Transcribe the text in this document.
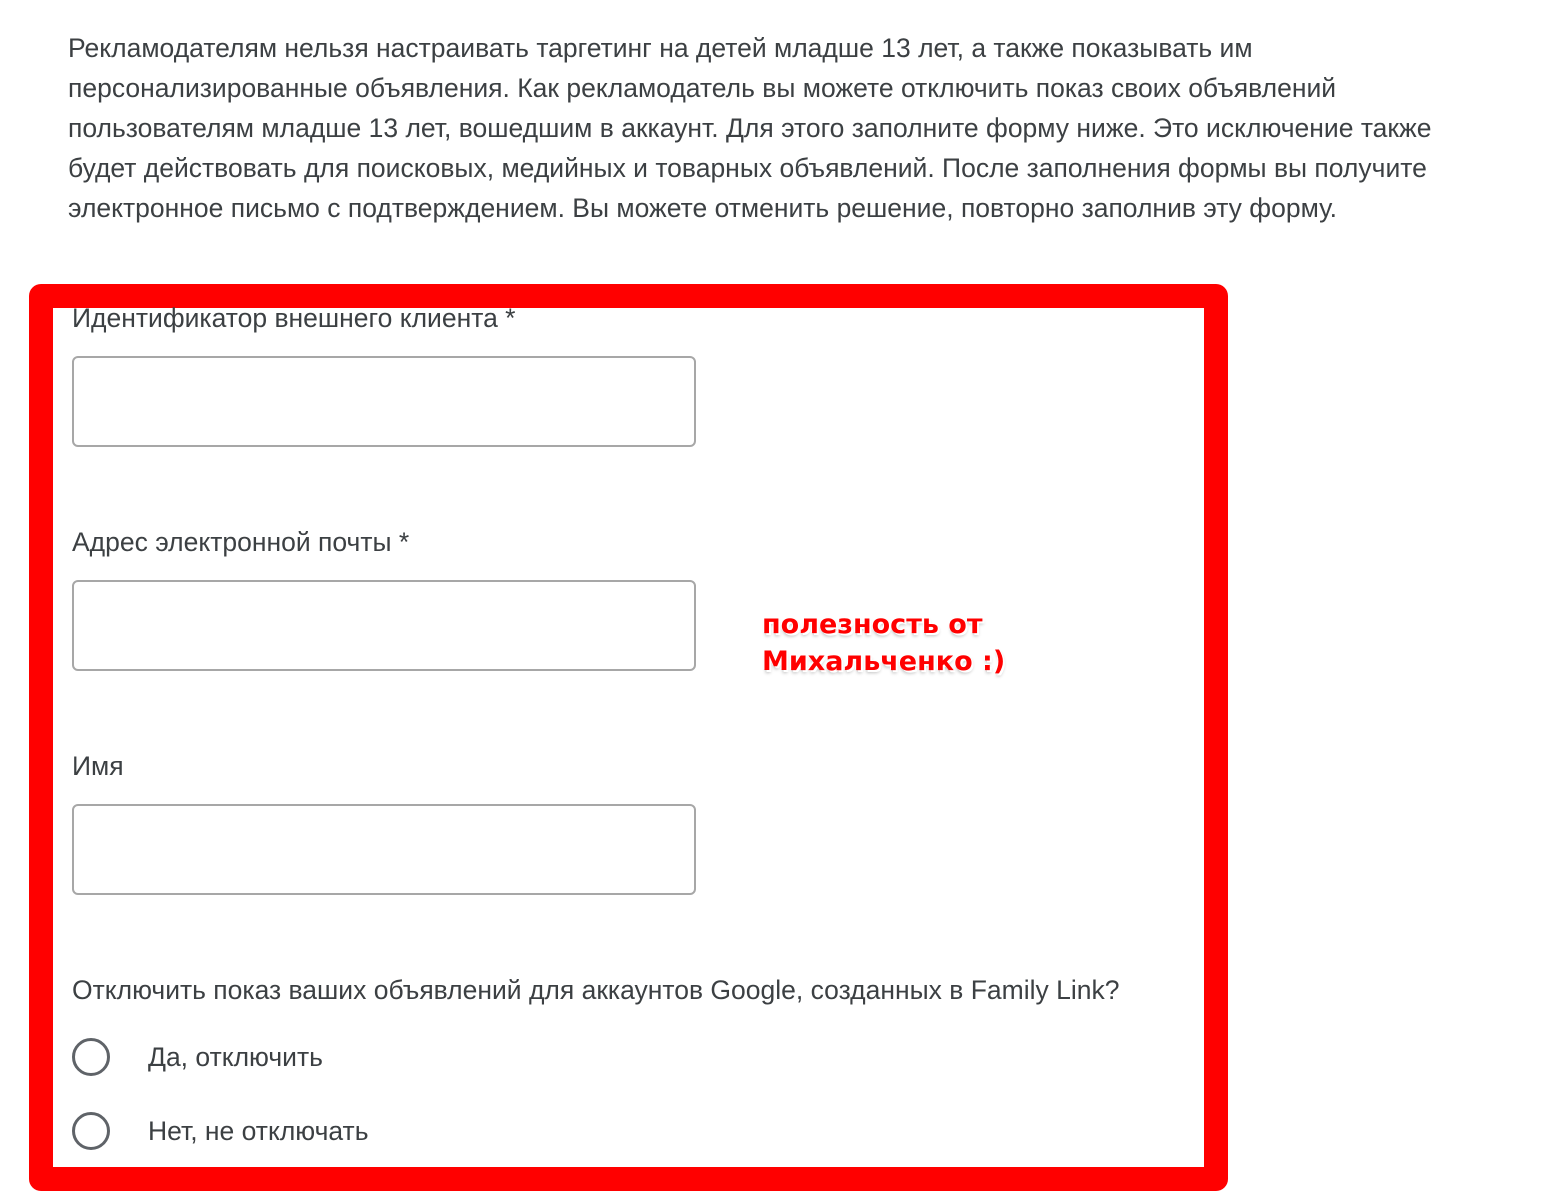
Рекламодателям нельзя настраивать таргетинг на детей младше 13 лет, а также показывать им персонализированные объявления. Как рекламодатель вы можете отключить показ своих объявлений пользователям младше 13 лет, вошедшим в аккаунт. Для этого заполните форму ниже. Это исключение также будет действовать для поисковых, медийных и товарных объявлений. После заполнения формы вы получите электронное письмо с подтверждением. Вы можете отменить решение, повторно заполнив эту форму.

Идентификатор внешнего клиента *
Адрес электронной почты *
полезность от Михальченко :)
Имя
Отключить показ ваших объявлений для аккаунтов Google, созданных в Family Link?
Да, отключить
Нет, не отключать
